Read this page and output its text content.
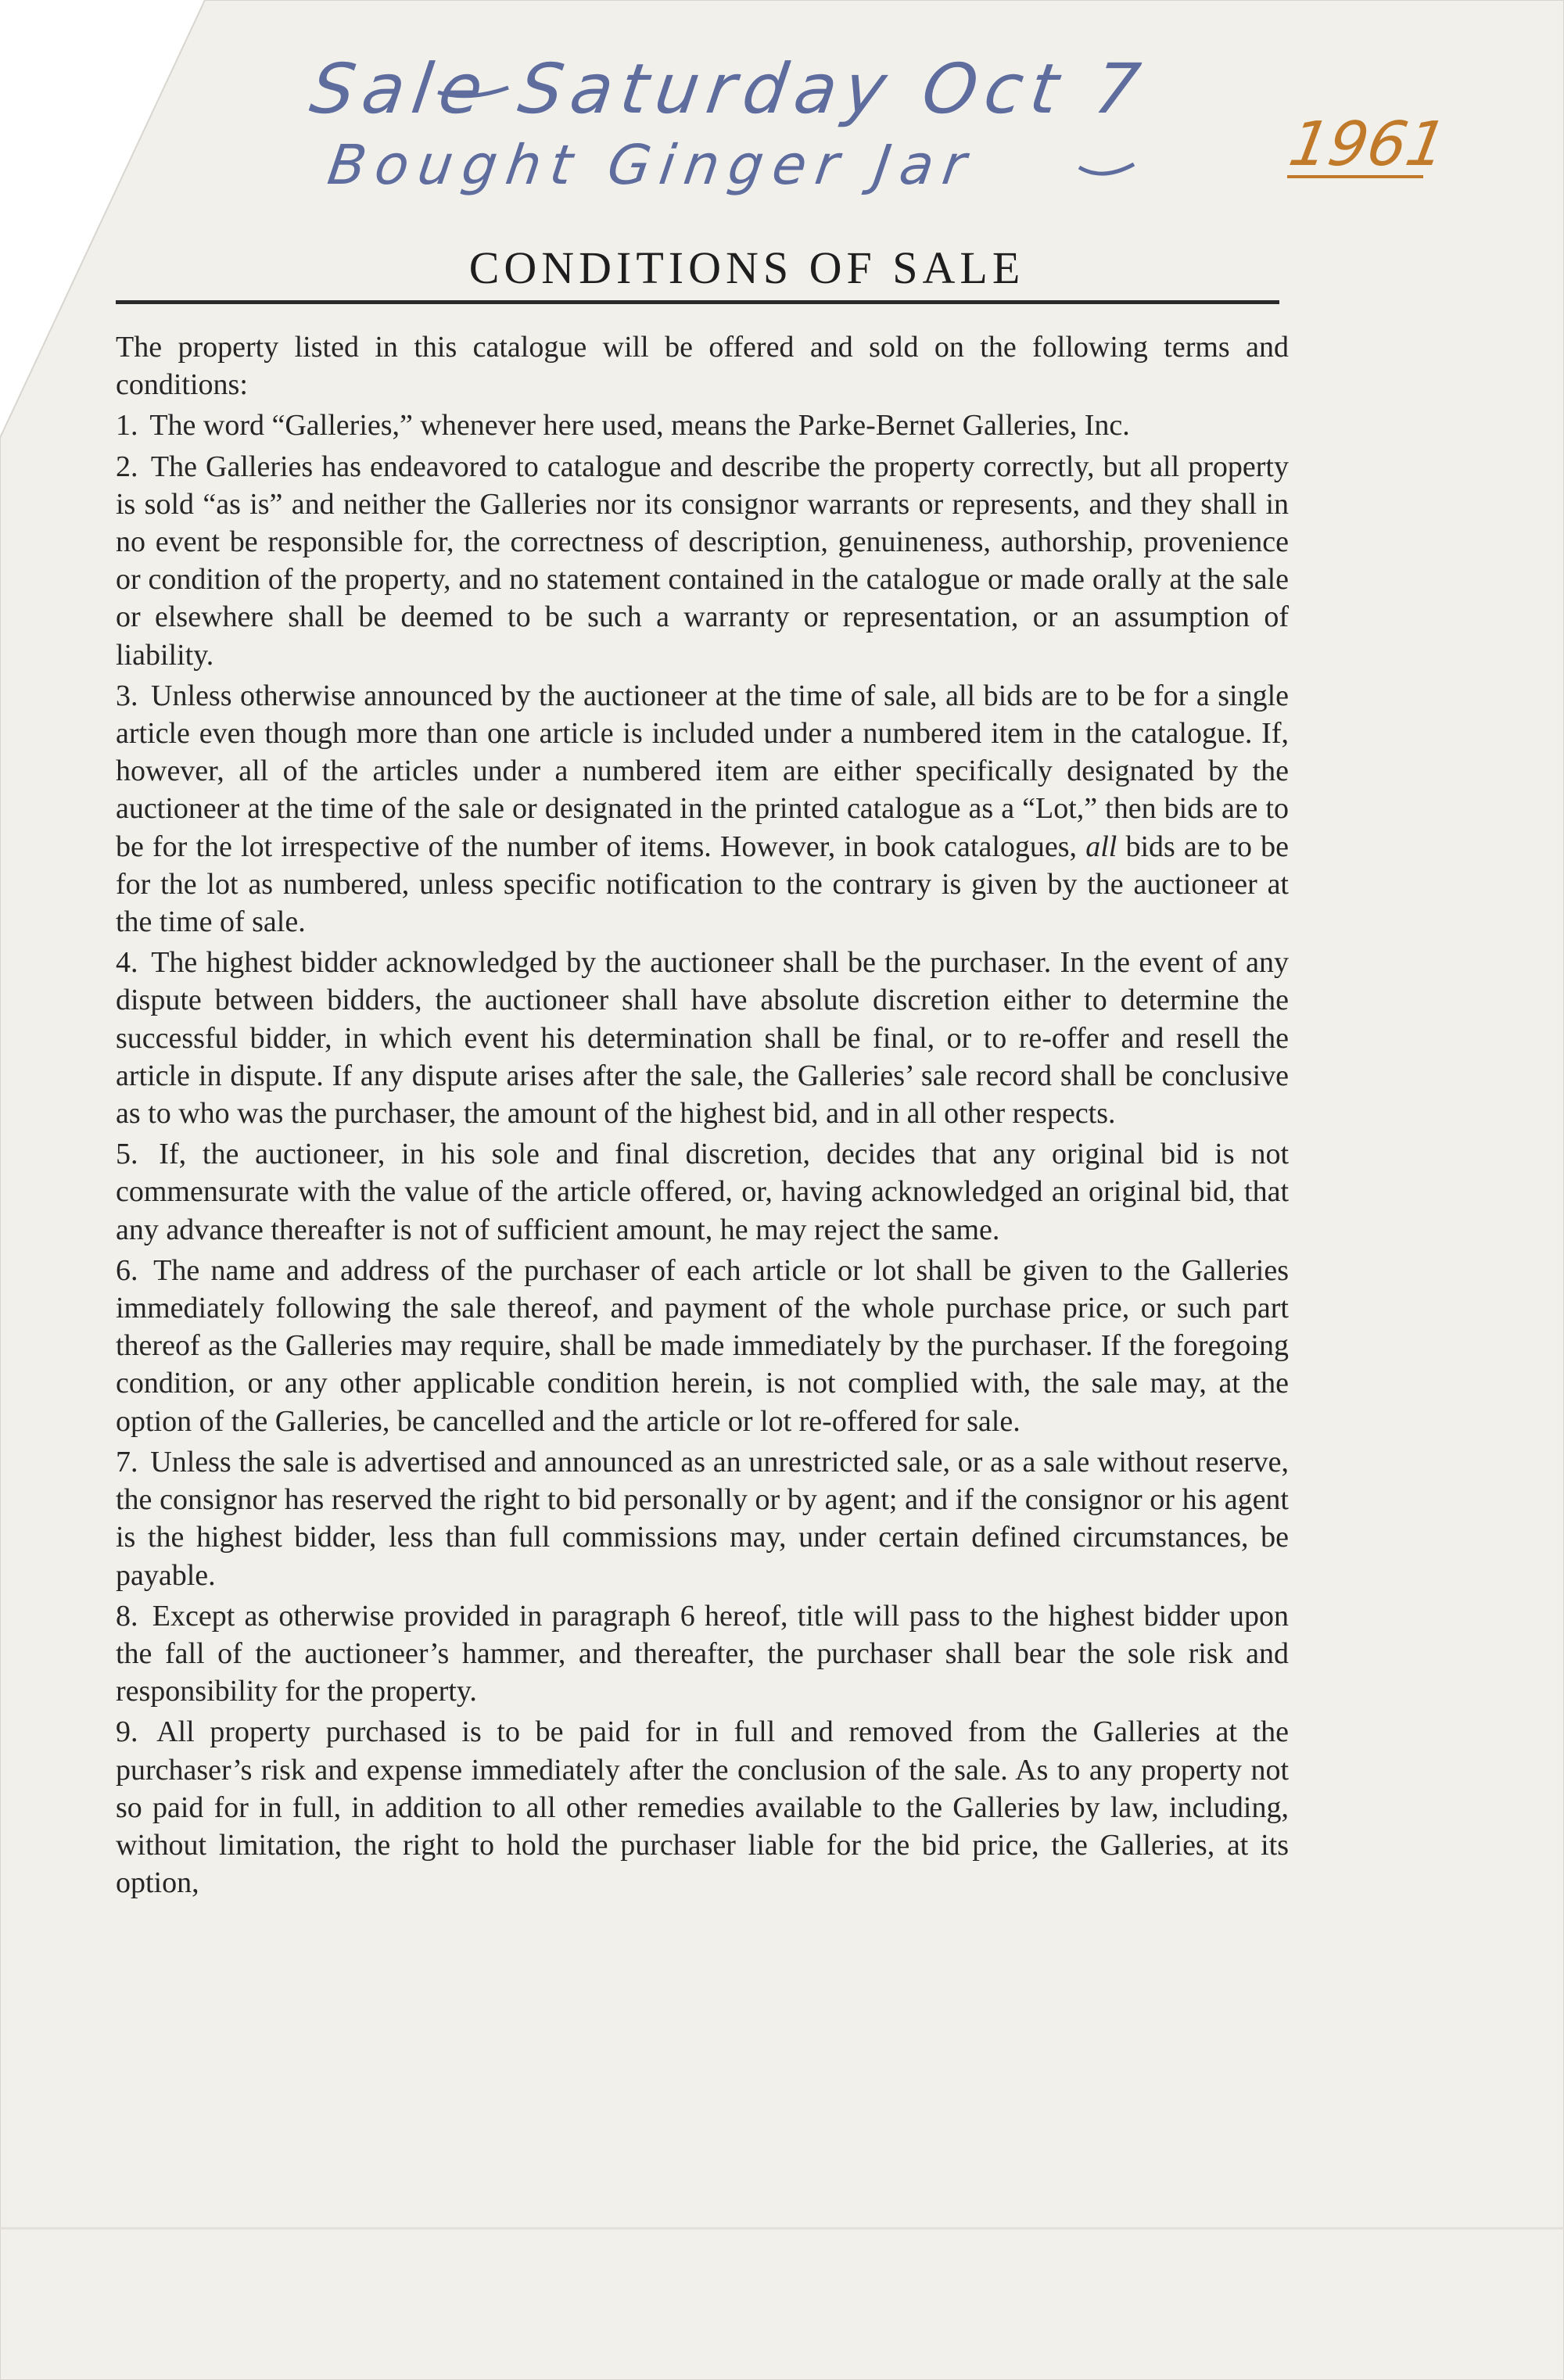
Sale Saturday Oct 7
Bought Ginger Jar	1961
CONDITIONS OF SALE

The property listed in this catalogue will be offered and sold on the following terms and conditions:

1. The word “Galleries,” whenever here used, means the Parke-Bernet Galleries, Inc.

2. The Galleries has endeavored to catalogue and describe the property correctly, but all property is sold “as is” and neither the Galleries nor its consignor warrants or represents, and they shall in no event be responsible for, the correctness of description, genuineness, authorship, provenience or condition of the property, and no statement contained in the catalogue or made orally at the sale or elsewhere shall be deemed to be such a warranty or representation, or an assumption of liability.

3. Unless otherwise announced by the auctioneer at the time of sale, all bids are to be for a single article even though more than one article is included under a numbered item in the catalogue. If, however, all of the articles under a numbered item are either specifically designated by the auctioneer at the time of the sale or designated in the printed catalogue as a “Lot,” then bids are to be for the lot irrespective of the number of items. However, in book catalogues, all bids are to be for the lot as numbered, unless specific notification to the contrary is given by the auctioneer at the time of sale.

4. The highest bidder acknowledged by the auctioneer shall be the purchaser. In the event of any dispute between bidders, the auctioneer shall have absolute discretion either to determine the successful bidder, in which event his determination shall be final, or to re-offer and resell the article in dispute. If any dispute arises after the sale, the Galleries’ sale record shall be conclusive as to who was the purchaser, the amount of the highest bid, and in all other respects.

5. If, the auctioneer, in his sole and final discretion, decides that any original bid is not commensurate with the value of the article offered, or, having acknowledged an original bid, that any advance thereafter is not of sufficient amount, he may reject the same.

6. The name and address of the purchaser of each article or lot shall be given to the Galleries immediately following the sale thereof, and payment of the whole purchase price, or such part thereof as the Galleries may require, shall be made immediately by the purchaser. If the foregoing condition, or any other applicable condition herein, is not complied with, the sale may, at the option of the Galleries, be cancelled and the article or lot re-offered for sale.

7. Unless the sale is advertised and announced as an unrestricted sale, or as a sale without reserve, the consignor has reserved the right to bid personally or by agent; and if the consignor or his agent is the highest bidder, less than full commissions may, under certain defined circumstances, be payable.

8. Except as otherwise provided in paragraph 6 hereof, title will pass to the highest bidder upon the fall of the auctioneer’s hammer, and thereafter, the purchaser shall bear the sole risk and responsibility for the property.

9. All property purchased is to be paid for in full and removed from the Galleries at the purchaser’s risk and expense immediately after the conclusion of the sale. As to any property not so paid for in full, in addition to all other remedies available to the Galleries by law, including, without limitation, the right to hold the purchaser liable for the bid price, the Galleries, at its option,
